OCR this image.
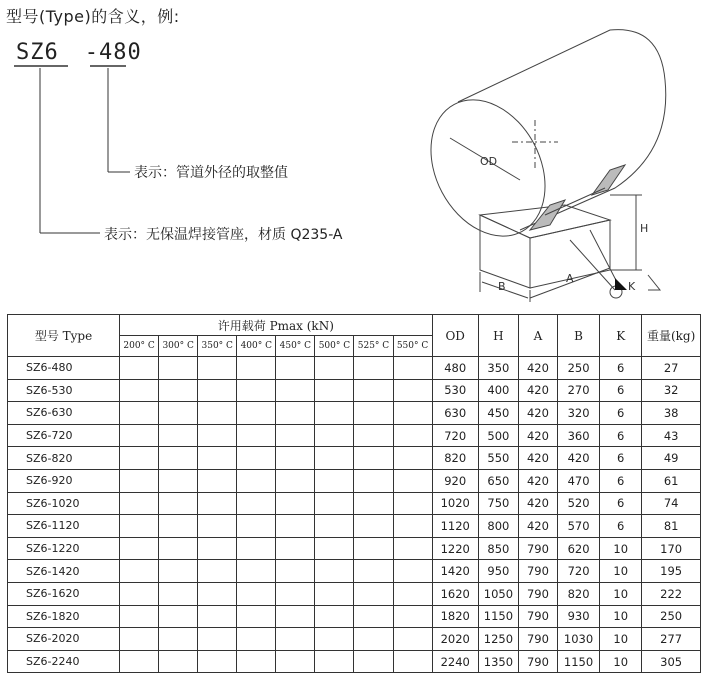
型号(Type)的含义，例:
SZ6 -480
表示：管道外径的取整值
表示：无保温焊接管座，材质 Q235-A
OD
H
A
B	K
型号 Type	许用载荷 Pmax (kN)								OD	H	A	B	K	重量(kg)
	200° C	300° C	350° C	400° C	450° C	500° C	525° C	550° C						
SZ6-480									480	350	420	250	6	27
SZ6-530									530	400	420	270	6	32
SZ6-630									630	450	420	320	6	38
SZ6-720									720	500	420	360	6	43
SZ6-820									820	550	420	420	6	49
SZ6-920									920	650	420	470	6	61
SZ6-1020									1020	750	420	520	6	74
SZ6-1120									1120	800	420	570	6	81
SZ6-1220									1220	850	790	620	10	170
SZ6-1420									1420	950	790	720	10	195
SZ6-1620									1620	1050	790	820	10	222
SZ6-1820									1820	1150	790	930	10	250
SZ6-2020									2020	1250	790	1030	10	277
SZ6-2240									2240	1350	790	1150	10	305
